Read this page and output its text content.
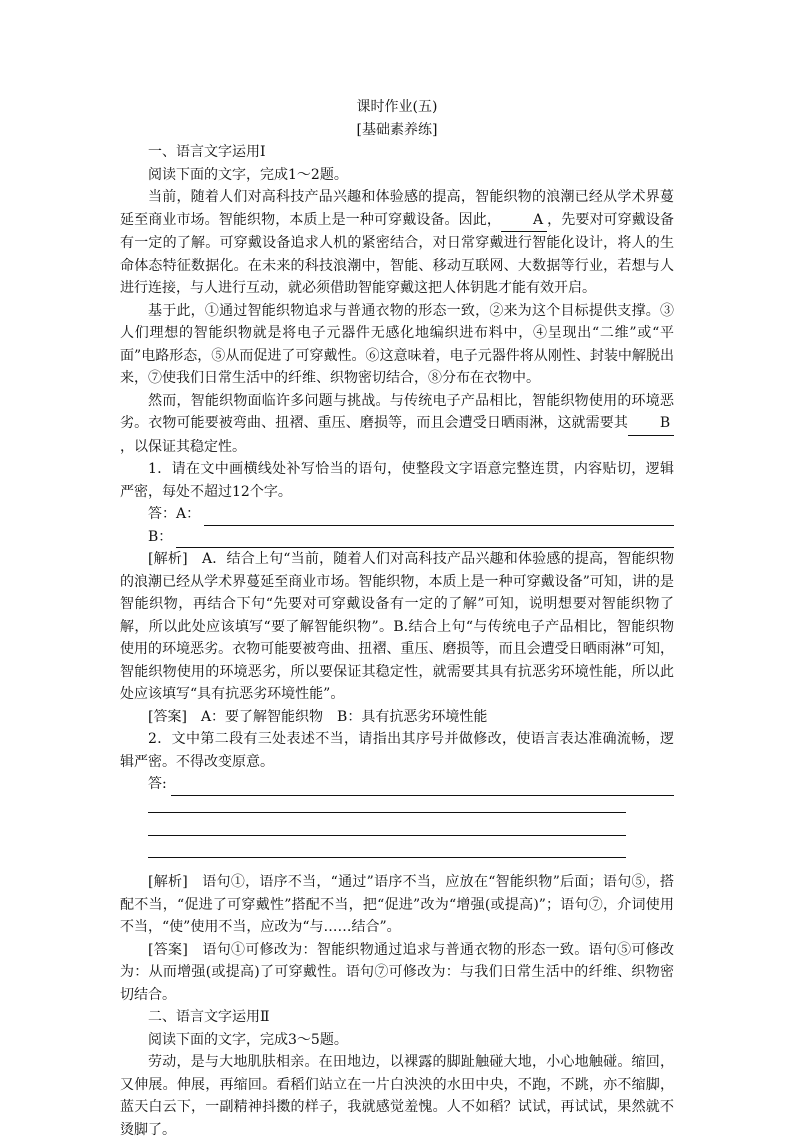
课时作业(五)
[基础素养练]

一、语言文字运用Ⅰ

阅读下面的文字，完成1～2题。

当前，随着人们对高科技产品兴趣和体验感的提高，智能织物的浪潮已经从学术界蔓延至商业市场。智能织物，本质上是一种可穿戴设备。因此， A ，先要对可穿戴设备有一定的了解。可穿戴设备追求人机的紧密结合，对日常穿戴进行智能化设计，将人的生命体态特征数据化。在未来的科技浪潮中，智能、移动互联网、大数据等行业，若想与人进行连接，与人进行互动，就必须借助智能穿戴这把人体钥匙才能有效开启。

基于此，①通过智能织物追求与普通衣物的形态一致，②来为这个目标提供支撑。③人们理想的智能织物就是将电子元器件无感化地编织进布料中，④呈现出“二维”或“平面”电路形态，⑤从而促进了可穿戴性。⑥这意味着，电子元器件将从刚性、封装中解脱出来，⑦使我们日常生活中的纤维、织物密切结合，⑧分布在衣物中。

然而，智能织物面临许多问题与挑战。与传统电子产品相比，智能织物使用的环境恶劣。衣物可能要被弯曲、扭褶、重压、磨损等，而且会遭受日晒雨淋，这就需要其 B，以保证其稳定性。

1．请在文中画横线处补写恰当的语句，使整段文字语意完整连贯，内容贴切，逻辑严密，每处不超过12个字。

答：A：
B：

[解析]　 A．结合上句“当前，随着人们对高科技产品兴趣和体验感的提高，智能织物的浪潮已经从学术界蔓延至商业市场。智能织物，本质上是一种可穿戴设备”可知，讲的是智能织物，再结合下句“先要对可穿戴设备有一定的了解”可知，说明想要对智能织物了解，所以此处应该填写“要了解智能织物”。B.结合上句“与传统电子产品相比，智能织物使用的环境恶劣。衣物可能要被弯曲、扭褶、重压、磨损等，而且会遭受日晒雨淋”可知，智能织物使用的环境恶劣，所以要保证其稳定性，就需要其具有抗恶劣环境性能，所以此处应该填写“具有抗恶劣环境性能”。

[答案]　 A：要了解智能织物　B：具有抗恶劣环境性能

2．文中第二段有三处表述不当，请指出其序号并做修改，使语言表达准确流畅，逻辑严密。不得改变原意。

答:

[解析]　 语句①，语序不当，“通过”语序不当，应放在“智能织物”后面；语句⑤，搭配不当，“促进了可穿戴性”搭配不当，把“促进”改为“增强(或提高)”；语句⑦，介词使用不当，“使”使用不当，应改为“与……结合”。

[答案]　 语句①可修改为：智能织物通过追求与普通衣物的形态一致。语句⑤可修改为：从而增强(或提高)了可穿戴性。语句⑦可修改为：与我们日常生活中的纤维、织物密切结合。

二、语言文字运用Ⅱ

阅读下面的文字，完成3～5题。

劳动，是与大地肌肤相亲。在田地边，以裸露的脚趾触碰大地，小心地触碰。缩回，又伸展。伸展，再缩回。看稻们站立在一片白泱泱的水田中央，不跑，不跳，亦不缩脚，蓝天白云下，一副精神抖擞的样子，我就感觉羞愧。人不如稻？试试，再试试，果然就不烫脚了。
